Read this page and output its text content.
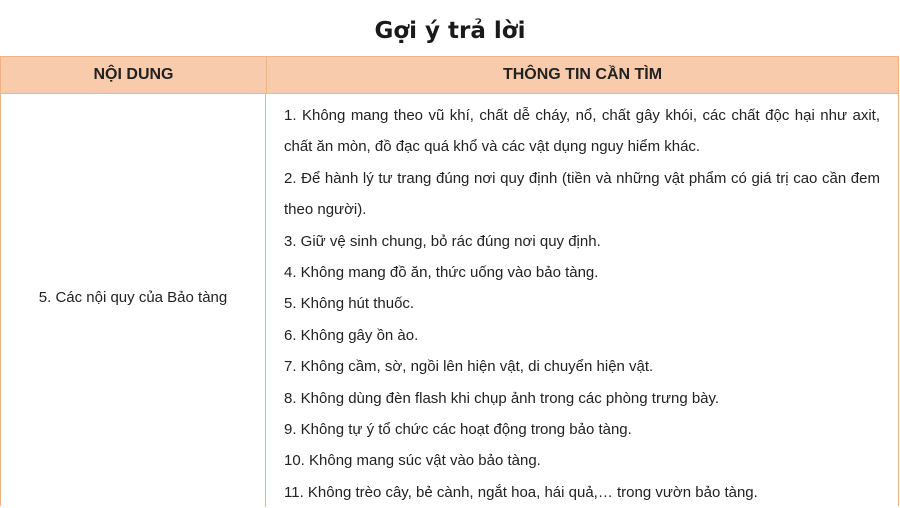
Gợi ý trả lời
NỘI DUNG	THÔNG TIN CẦN TÌM
5. Các nội quy của Bảo tàng

1. Không mang theo vũ khí, chất dễ cháy, nổ, chất gây khói, các chất độc hại như axit, chất ăn mòn, đồ đạc quá khổ và các vật dụng nguy hiểm khác.

2. Để hành lý tư trang đúng nơi quy định (tiền và những vật phẩm có giá trị cao cần đem theo người).

3. Giữ vệ sinh chung, bỏ rác đúng nơi quy định.

4. Không mang đồ ăn, thức uống vào bảo tàng.

5. Không hút thuốc.

6. Không gây ồn ào.

7. Không cầm, sờ, ngồi lên hiện vật, di chuyển hiện vật.

8. Không dùng đèn flash khi chụp ảnh trong các phòng trưng bày.

9. Không tự ý tổ chức các hoạt động trong bảo tàng.

10. Không mang súc vật vào bảo tàng.

11. Không trèo cây, bẻ cành, ngắt hoa, hái quả,… trong vườn bảo tàng.
